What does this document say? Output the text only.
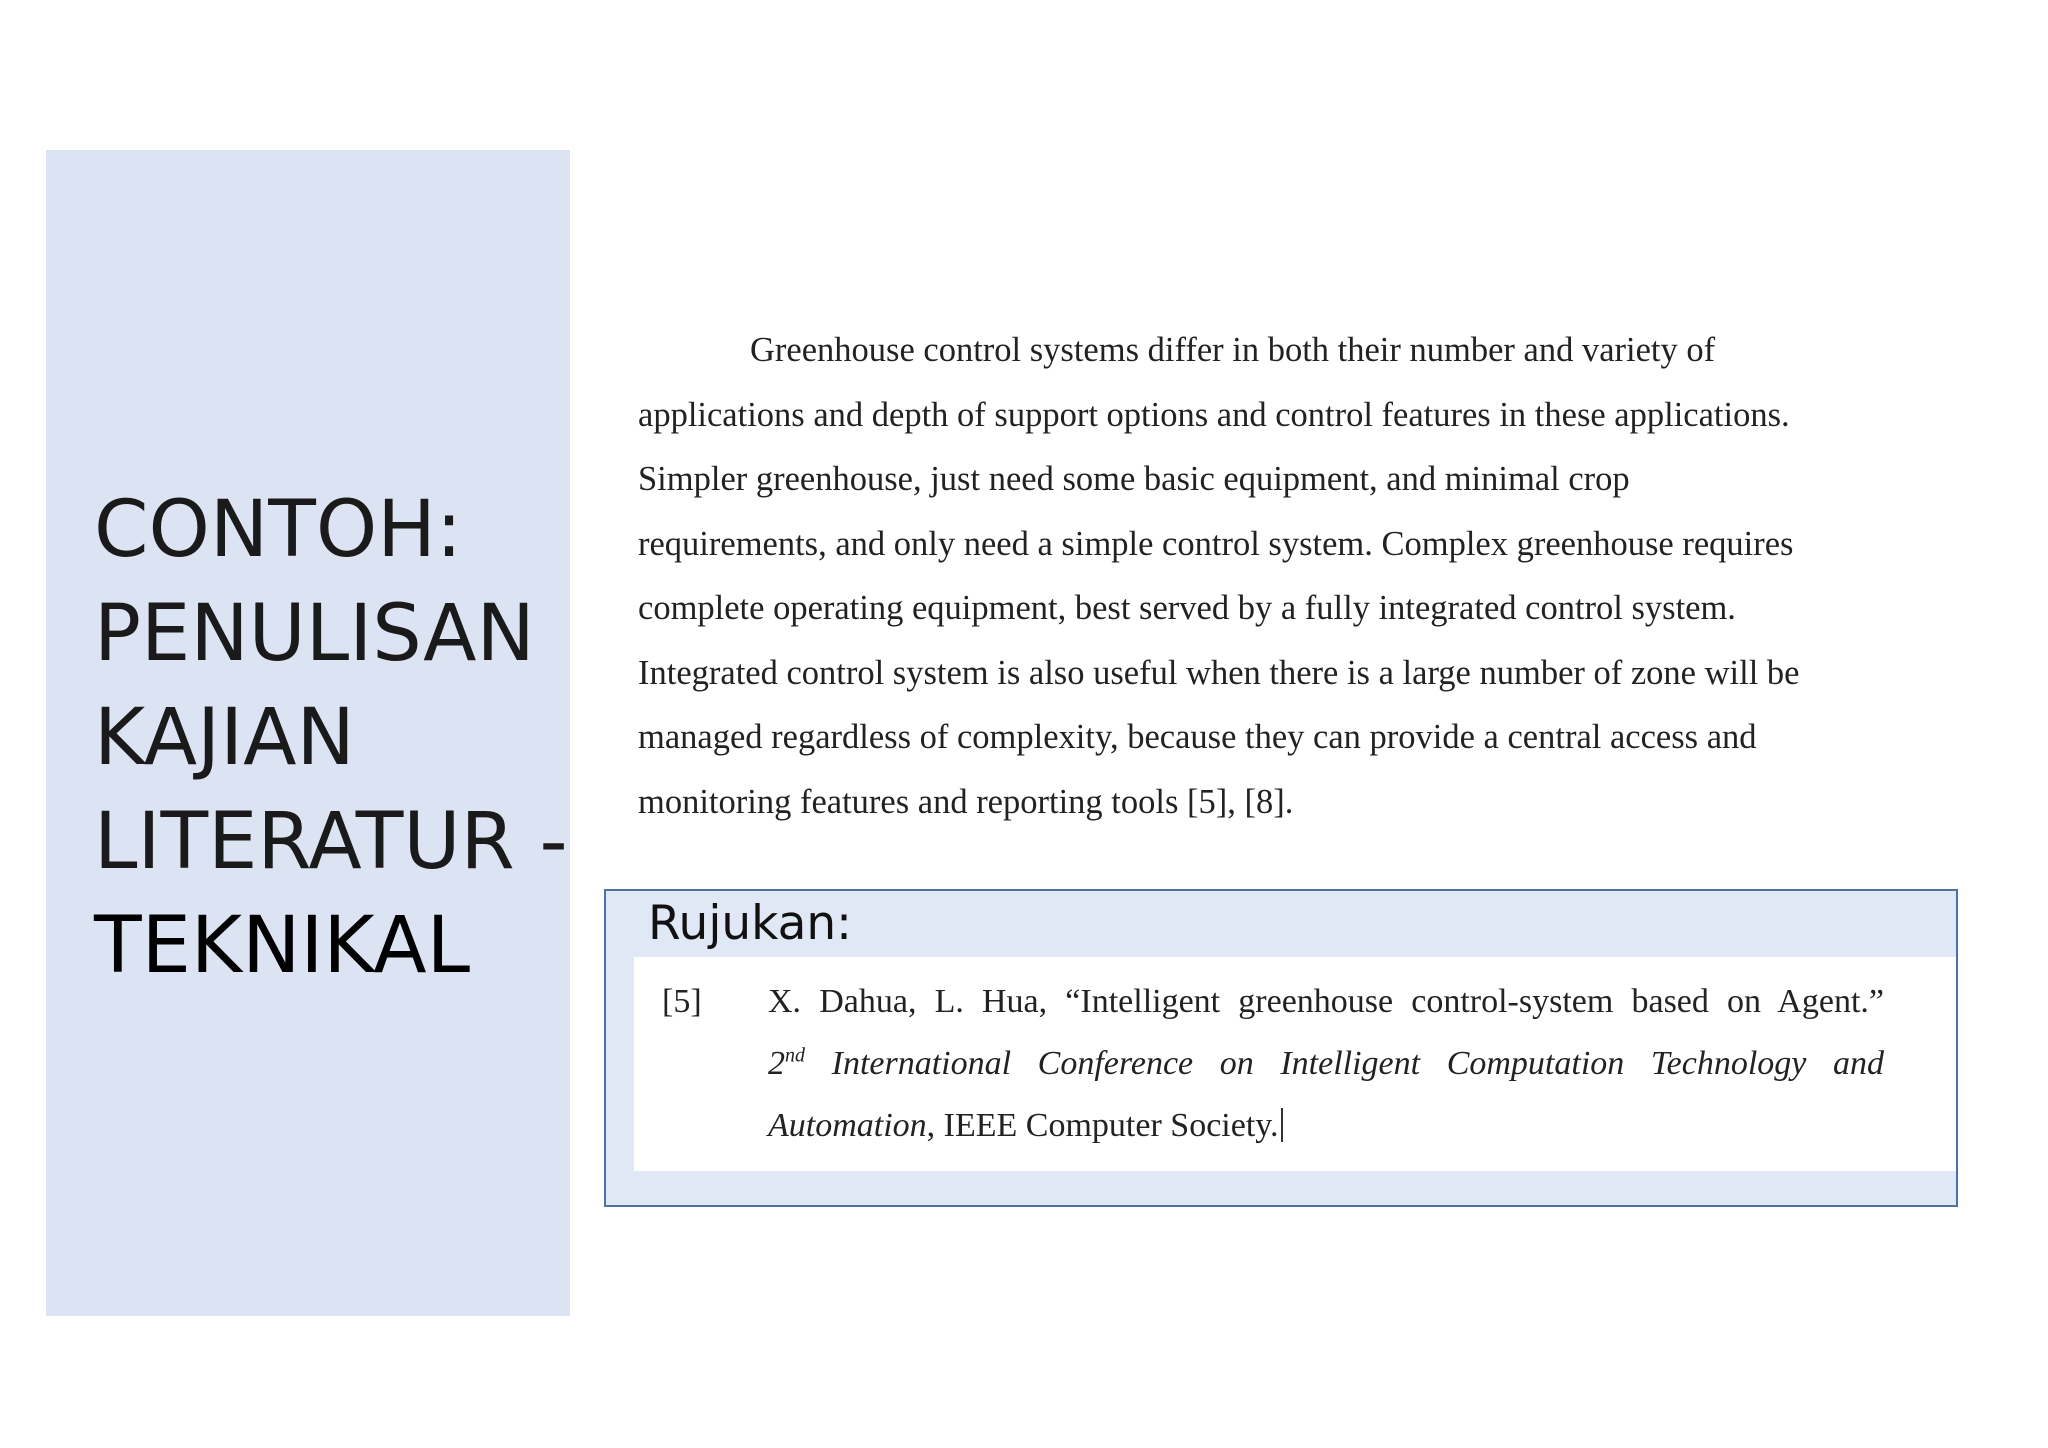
CONTOH:
PENULISAN
KAJIAN
LITERATUR -
TEKNIKAL
Greenhouse control systems differ in both their number and variety of
applications and depth of support options and control features in these applications.
Simpler greenhouse, just need some basic equipment, and minimal crop
requirements, and only need a simple control system. Complex greenhouse requires
complete operating equipment, best served by a fully integrated control system.
Integrated control system is also useful when there is a large number of zone will be
managed regardless of complexity, because they can provide a central access and
monitoring features and reporting tools [5], [8].
Rujukan:
[5] X. Dahua, L. Hua, “Intelligent greenhouse control-system based on Agent.”
2nd International Conference on Intelligent Computation Technology and
Automation, IEEE Computer Society.
